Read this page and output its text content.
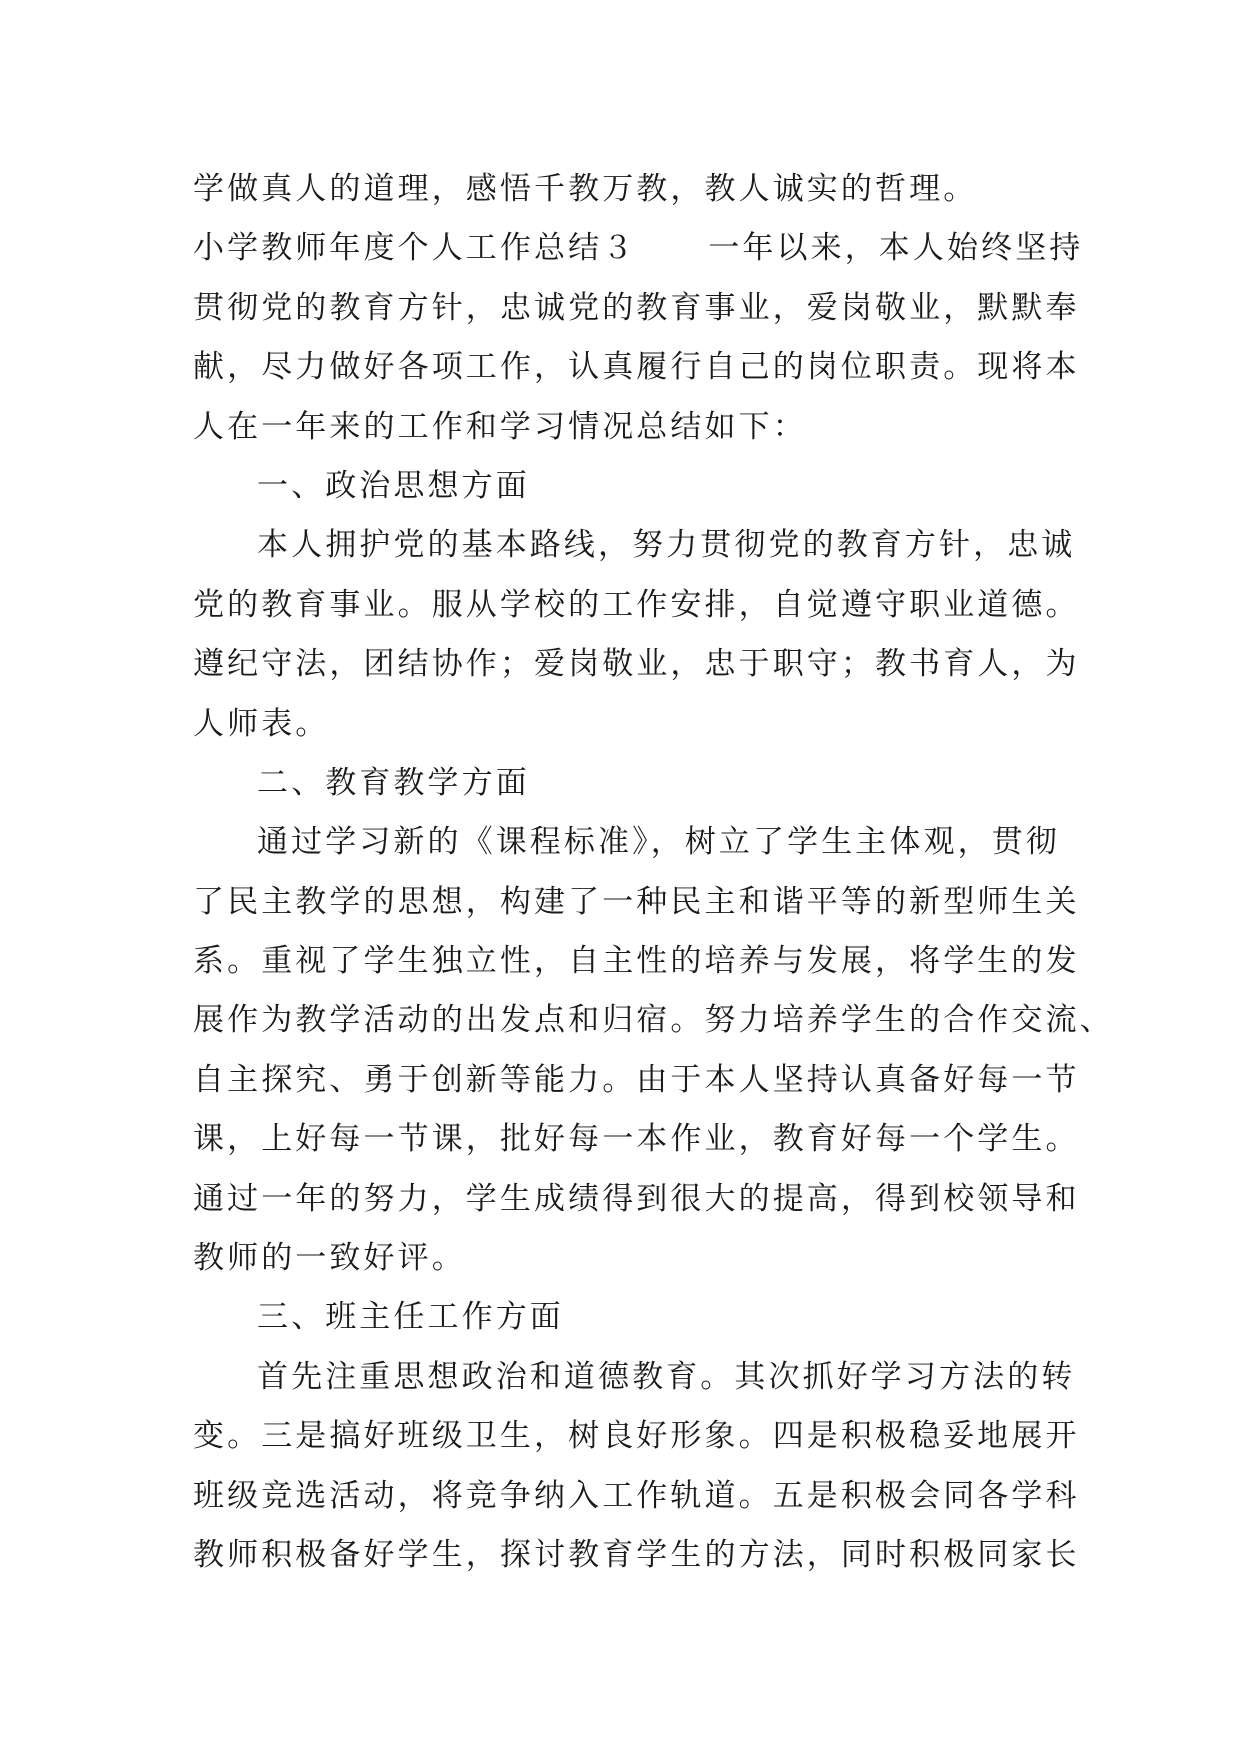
学做真人的道理，感悟千教万教，教人诚实的哲理。
小学教师年度个人工作总结３ 一年以来，本人始终坚持
贯彻党的教育方针，忠诚党的教育事业，爱岗敬业，默默奉
献，尽力做好各项工作，认真履行自己的岗位职责。现将本
人在一年来的工作和学习情况总结如下：
一、政治思想方面
本人拥护党的基本路线，努力贯彻党的教育方针，忠诚
党的教育事业。服从学校的工作安排，自觉遵守职业道德。
遵纪守法，团结协作；爱岗敬业，忠于职守；教书育人，为
人师表。
二、教育教学方面
通过学习新的《课程标准》，树立了学生主体观，贯彻
了民主教学的思想，构建了一种民主和谐平等的新型师生关
系。重视了学生独立性，自主性的培养与发展，将学生的发
展作为教学活动的出发点和归宿。努力培养学生的合作交流、
自主探究、勇于创新等能力。由于本人坚持认真备好每一节
课，上好每一节课，批好每一本作业，教育好每一个学生。
通过一年的努力，学生成绩得到很大的提高，得到校领导和
教师的一致好评。
三、班主任工作方面
首先注重思想政治和道德教育。其次抓好学习方法的转
变。三是搞好班级卫生，树良好形象。四是积极稳妥地展开
班级竞选活动，将竞争纳入工作轨道。五是积极会同各学科
教师积极备好学生，探讨教育学生的方法，同时积极同家长
